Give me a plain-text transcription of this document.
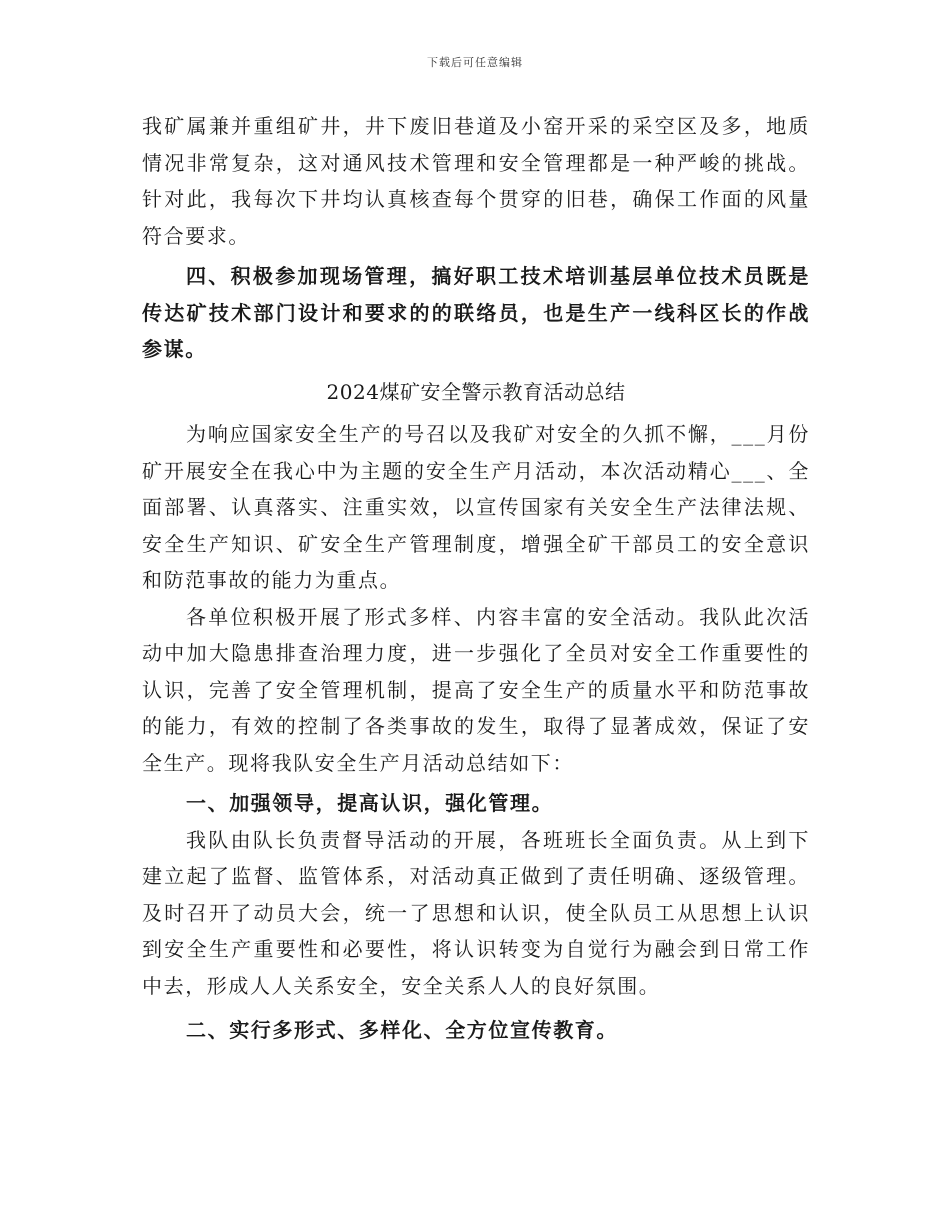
下载后可任意编辑

我矿属兼并重组矿井，井下废旧巷道及小窑开采的采空区及多，地质情况非常复杂，这对通风技术管理和安全管理都是一种严峻的挑战。针对此，我每次下井均认真核查每个贯穿的旧巷，确保工作面的风量符合要求。

四、积极参加现场管理，搞好职工技术培训基层单位技术员既是传达矿技术部门设计和要求的的联络员，也是生产一线科区长的作战参谋。

2024煤矿安全警示教育活动总结

为响应国家安全生产的号召以及我矿对安全的久抓不懈，___月份矿开展安全在我心中为主题的安全生产月活动，本次活动精心___、全面部署、认真落实、注重实效，以宣传国家有关安全生产法律法规、安全生产知识、矿安全生产管理制度，增强全矿干部员工的安全意识和防范事故的能力为重点。

各单位积极开展了形式多样、内容丰富的安全活动。我队此次活动中加大隐患排查治理力度，进一步强化了全员对安全工作重要性的认识，完善了安全管理机制，提高了安全生产的质量水平和防范事故的能力，有效的控制了各类事故的发生，取得了显著成效，保证了安全生产。现将我队安全生产月活动总结如下：

一、加强领导，提高认识，强化管理。

我队由队长负责督导活动的开展，各班班长全面负责。从上到下建立起了监督、监管体系，对活动真正做到了责任明确、逐级管理。及时召开了动员大会，统一了思想和认识，使全队员工从思想上认识到安全生产重要性和必要性，将认识转变为自觉行为融会到日常工作中去，形成人人关系安全，安全关系人人的良好氛围。

二、实行多形式、多样化、全方位宣传教育。
